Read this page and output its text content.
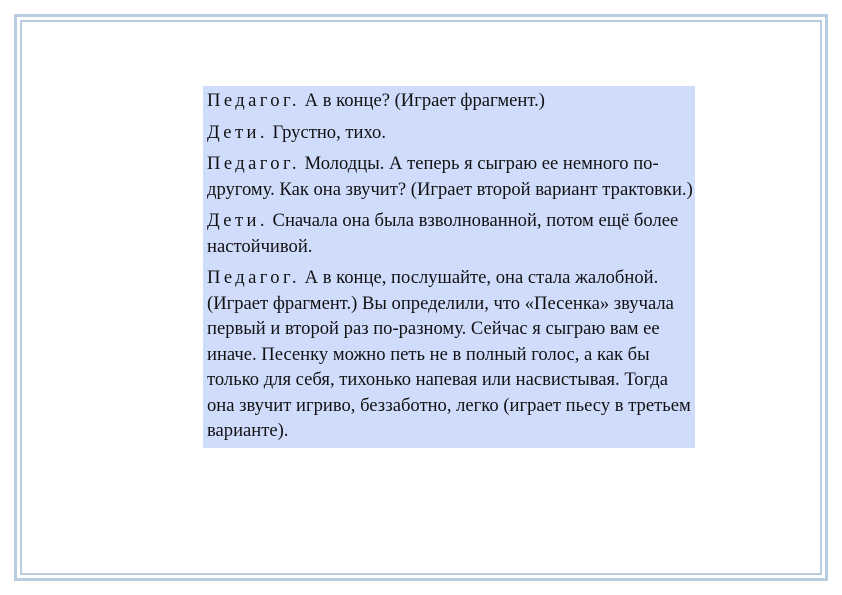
Педагог. А в конце? (Играет фрагмент.)

Дети. Грустно, тихо.

Педагог. Молодцы. А теперь я сыграю ее немного по-другому. Как она звучит? (Играет второй вариант трактовки.)

Дети. Сначала она была взволнованной, потом ещё более настойчивой.

Педагог. А в конце, послушайте, она стала жалобной. (Играет фрагмент.) Вы определили, что «Песенка» звучала первый и второй раз по-разному. Сейчас я сыграю вам ее иначе. Песенку можно петь не в полный голос, а как бы только для себя, тихонько напевая или насвистывая. Тогда она звучит игриво, беззаботно, легко (играет пьесу в третьем варианте).
